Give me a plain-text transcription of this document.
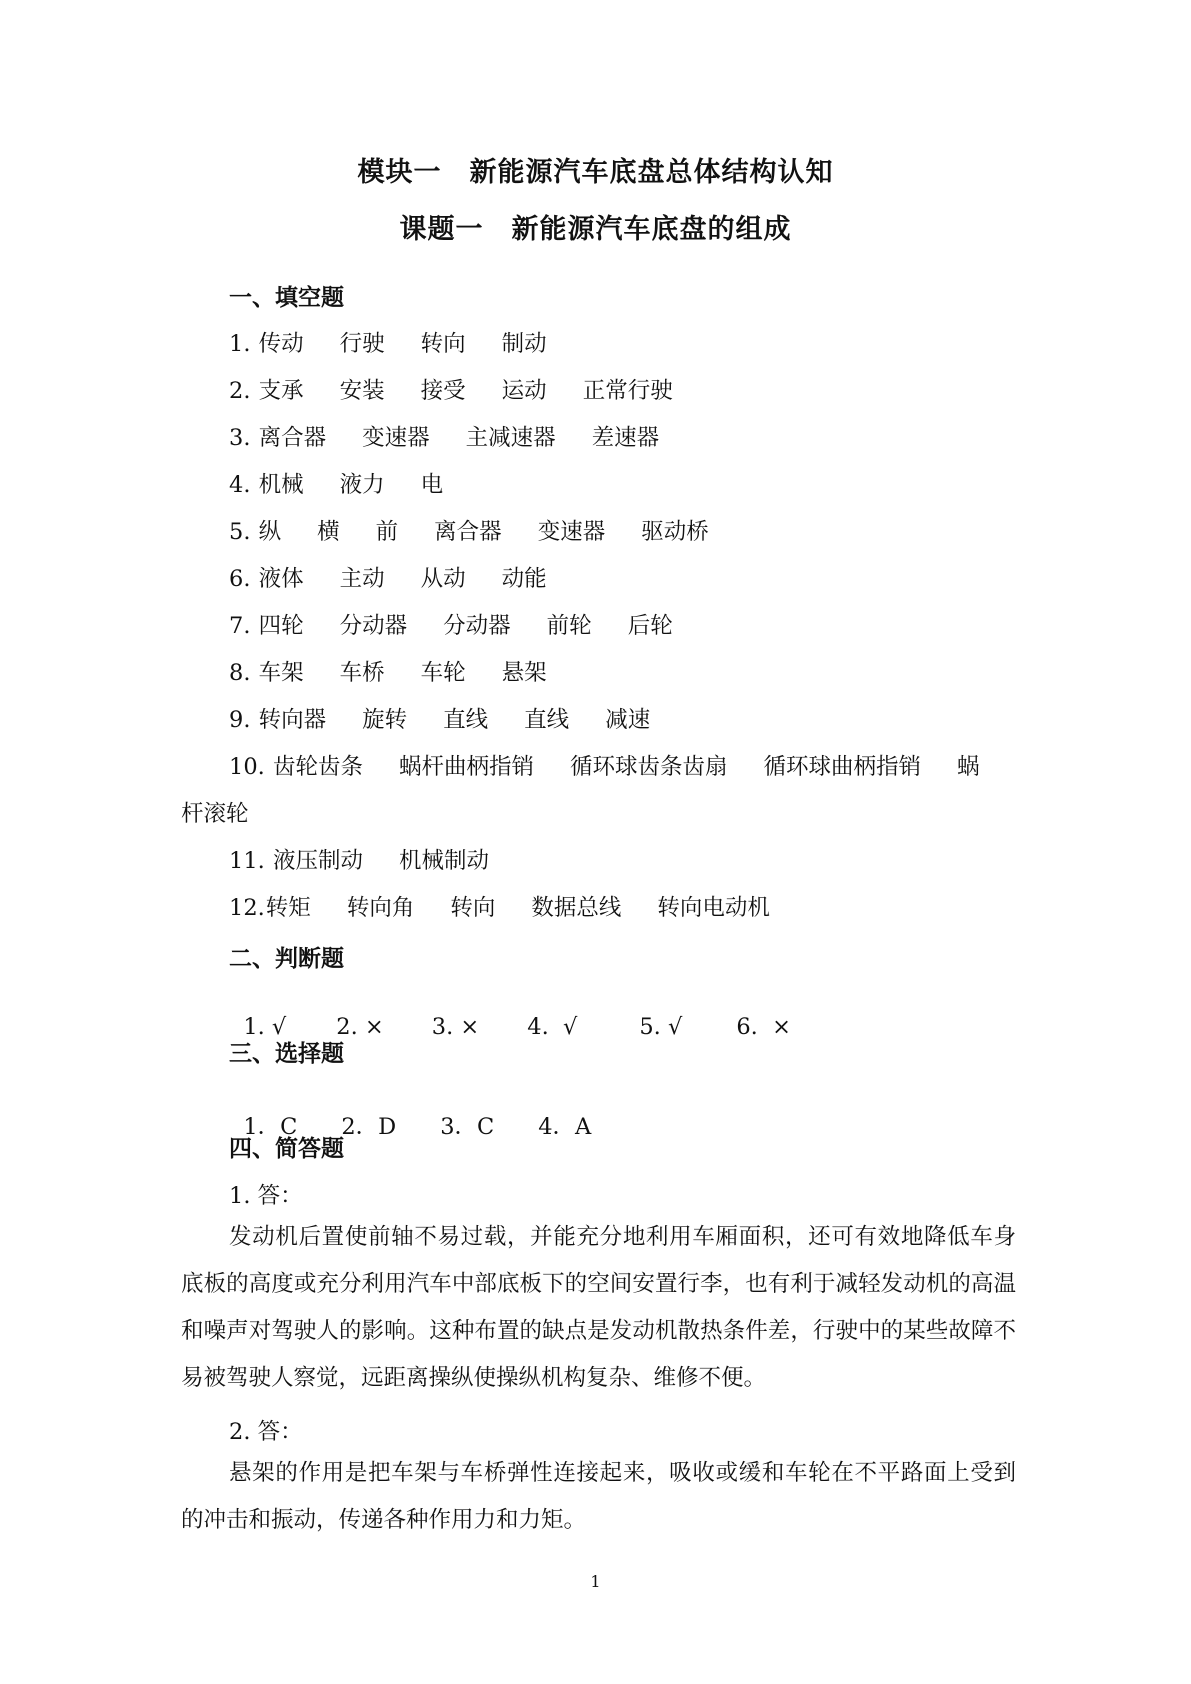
模块一　新能源汽车底盘总体结构认知
课题一　新能源汽车底盘的组成
一、填空题
1. 传动 行驶 转向 制动
2. 支承 安装 接受 运动 正常行驶
3. 离合器 变速器 主减速器 差速器
4. 机械 液力 电
5. 纵 横 前 离合器 变速器 驱动桥
6. 液体 主动 从动 动能
7. 四轮 分动器 分动器 前轮 后轮
8. 车架 车桥 车轮 悬架
9. 转向器 旋转 直线 直线 减速
10. 齿轮齿条 蜗杆曲柄指销 循环球齿条齿扇 循环球曲柄指销 蜗
杆滚轮
11. 液压制动 机械制动
12.转矩 转向角 转向 数据总线 转向电动机
二、判断题

1. √ 2. × 3. × 4.  √	5. √ 6.  ×

三、选择题

1．C 2．D 3．C 4．A

四、简答题
1. 答：
发动机后置使前轴不易过载，并能充分地利用车厢面积，还可有效地降低车身底板的高度或充分利用汽车中部底板下的空间安置行李，也有利于减轻发动机的高温和噪声对驾驶人的影响。这种布置的缺点是发动机散热条件差，行驶中的某些故障不易被驾驶人察觉，远距离操纵使操纵机构复杂、维修不便。
2. 答：
悬架的作用是把车架与车桥弹性连接起来，吸收或缓和车轮在不平路面上受到的冲击和振动，传递各种作用力和力矩。
1
